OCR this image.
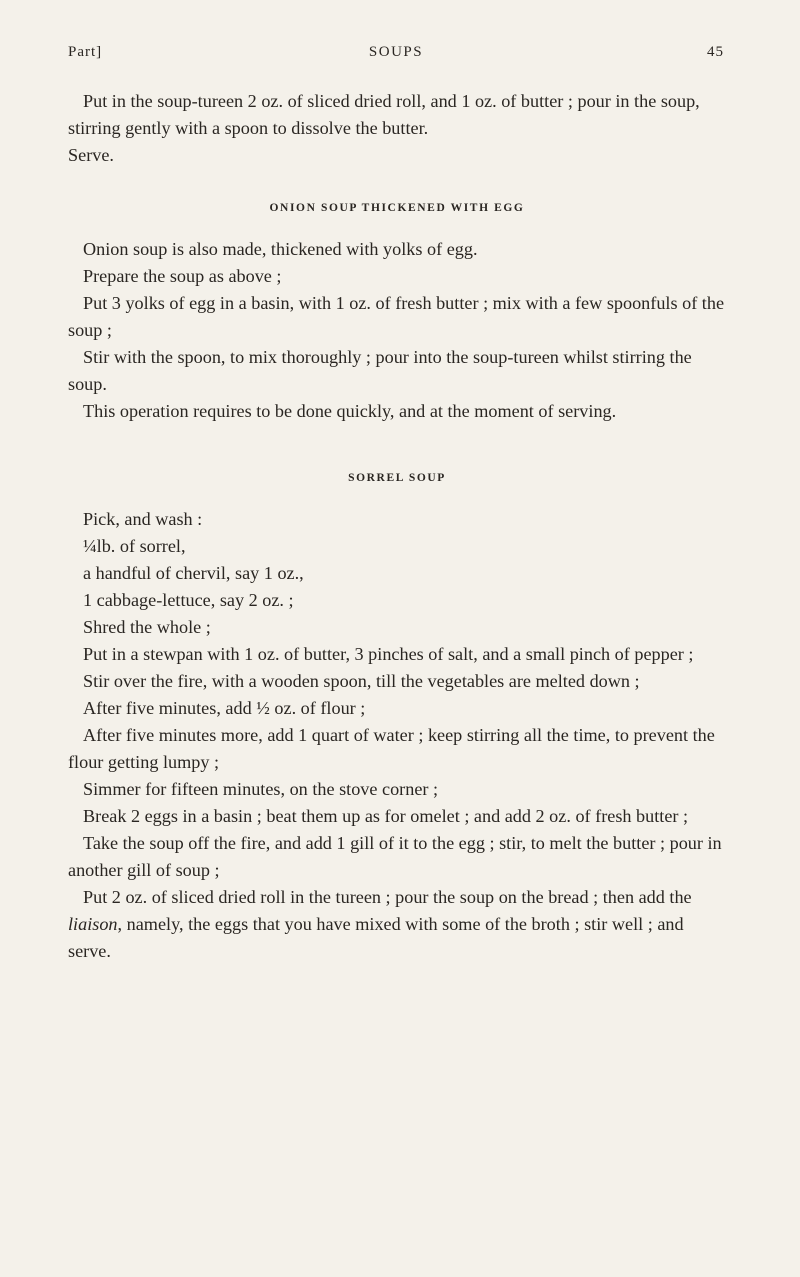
Part]	SOUPS	45

Put in the soup-tureen 2 oz. of sliced dried roll, and 1 oz. of butter ; pour in the soup, stirring gently with a spoon to dissolve the butter.

Serve.

ONION SOUP THICKENED WITH EGG

Onion soup is also made, thickened with yolks of egg.

Prepare the soup as above ;

Put 3 yolks of egg in a basin, with 1 oz. of fresh butter ; mix with a few spoonfuls of the soup ;

Stir with the spoon, to mix thoroughly ; pour into the soup-tureen whilst stirring the soup.

This operation requires to be done quickly, and at the moment of serving.

SORREL SOUP

Pick, and wash :

¼lb. of sorrel,

a handful of chervil, say 1 oz.,

1 cabbage-lettuce, say 2 oz. ;

Shred the whole ;

Put in a stewpan with 1 oz. of butter, 3 pinches of salt, and a small pinch of pepper ;

Stir over the fire, with a wooden spoon, till the vegetables are melted down ;

After five minutes, add ½ oz. of flour ;

After five minutes more, add 1 quart of water ; keep stirring all the time, to prevent the flour getting lumpy ;

Simmer for fifteen minutes, on the stove corner ;

Break 2 eggs in a basin ; beat them up as for omelet ; and add 2 oz. of fresh butter ;

Take the soup off the fire, and add 1 gill of it to the egg ; stir, to melt the butter ; pour in another gill of soup ;

Put 2 oz. of sliced dried roll in the tureen ; pour the soup on the bread ; then add the liaison, namely, the eggs that you have mixed with some of the broth ; stir well ; and serve.
